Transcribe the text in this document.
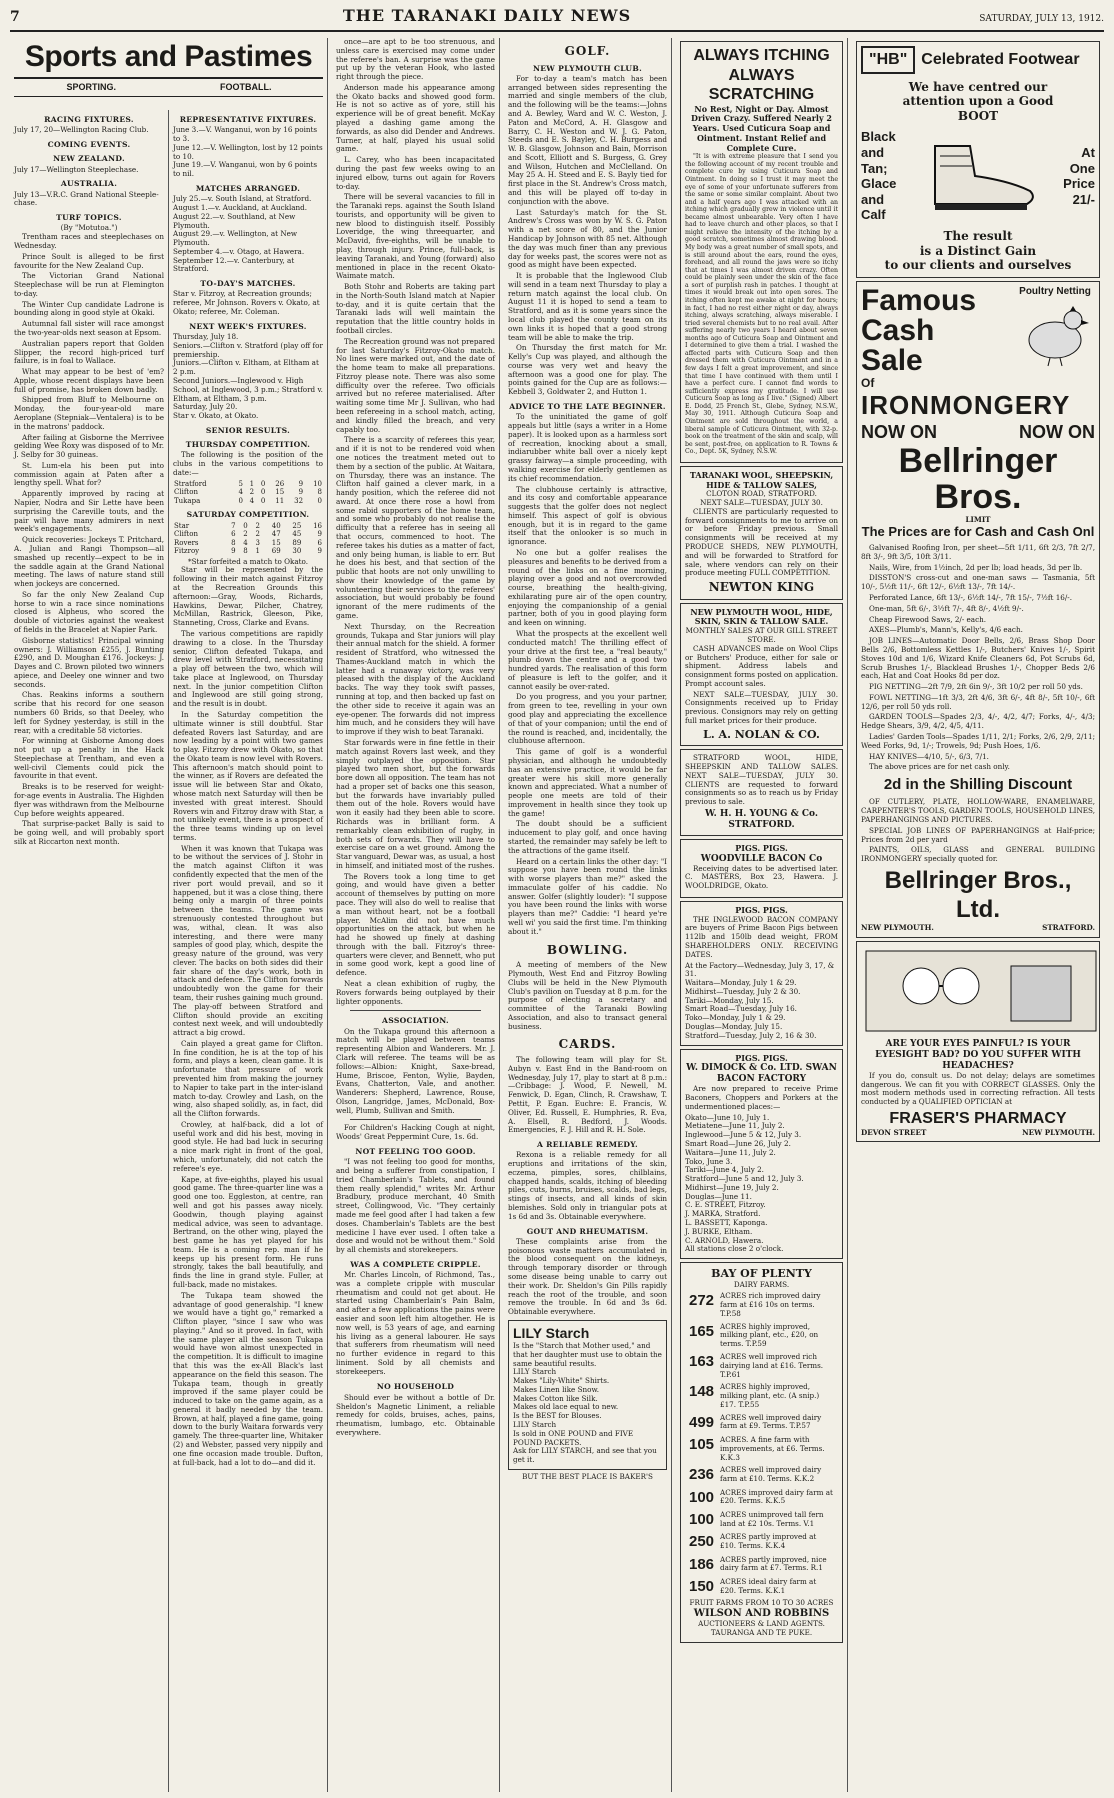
7	THE TARANAKI DAILY NEWS	SATURDAY, JULY 13, 1912.
Sports and Pastimes
SPORTING.	FOOTBALL.
RACING FIXTURES.
July 17, 20—Wellington Racing Club.
COMING EVENTS.
NEW ZEALAND.
July 17—Wellington Steeplechase.
AUSTRALIA.
July 13—V.R.C. Grand National Steeple-chase.
TURF TOPICS.
(By "Motutoa.")

Trentham races and steeplechases on Wednesday.

Prince Soult is alleged to be first favourite for the New Zealand Cup.

The Victorian Grand National Steeplechase will be run at Flemington to-day.

The Winter Cup candidate Ladrone is bounding along in good style at Okaki.

Autumnal fall sister will race amongst the two-year-olds next season at Epsom.

Australian papers report that Golden Slipper, the record high-priced turf failure, is in foal to Wallace.

What may appear to be best of 'em? Apple, whose recent displays have been full of promise, has broken down badly.

Shipped from Bluff to Melbourne on Monday, the four-year-old mare Aeroplane (Stepniak—Ventalera) is to be in the matrons' paddock.

After failing at Gisborne the Merrivee gelding Wee Roxy was disposed of to Mr. J. Selby for 30 guineas.

St. Lum-ela his been put into commission again at Paten after a lengthy spell. What for?

Apparently improved by racing at Napier, Nodra and Sir Lette have been surprising the Careville touts, and the pair will have many admirers in next week's engagements.

Quick recoveries: Jockeys T. Pritchard, A. Julian and Rangi Thompson—all smashed up recently—expect to be in the saddle again at the Grand National meeting. The laws of nature stand still when jockeys are concerned.

So far the only New Zealand Cup horse to win a race since nominations closed is Alpheus, who scored the double of victories against the weakest of fields in the Bracelet at Napier Park.

Gisborne statistics! Principal winning owners: J. Williamson £255, J. Bunting £290, and D. Moughan £176. Jockeys: J. Dayes and C. Brown piloted two winners apiece, and Deeley one winner and two seconds.

Chas. Reakins informs a southern scribe that his record for one season numbers 60 Brids, so that Deeley, who left for Sydney yesterday, is still in the rear, with a creditable 58 victories.

For winning at Gisborne Among does not put up a penalty in the Hack Steeplechase at Trentham, and even a well-civil Clements could pick the favourite in that event.

Breaks is to be reserved for weight-for-age events in Australia. The Highden flyer was withdrawn from the Melbourne Cup before weights appeared.

That surprise-packet Bally is said to be going well, and will probably sport silk at Riccarton next month.

REPRESENTATIVE FIXTURES.
June 3.—V. Wanganui, won by 16 points to 3.
June 12.—V. Wellington, lost by 12 points to 10.
June 19.—V. Wanganui, won by 6 points to nil.
MATCHES ARRANGED.
July 25.—v. South Island, at Stratford.
August 1.—v. Auckland, at Auckland.
August 22.—v. Southland, at New Plymouth.
August 29.—v. Wellington, at New Plymouth.
September 4.—v. Otago, at Hawera.
September 12.—v. Canterbury, at Stratford.
TO-DAY'S MATCHES.
Star v. Fitzroy, at Recreation grounds; referee, Mr Johnson. Rovers v. Okato, at Okato; referee, Mr. Coleman.
NEXT WEEK'S FIXTURES.
Thursday, July 18.
Seniors.—Clifton v. Stratford (play off for premiership.
Juniors.—Clifton v. Eltham, at Eltham at 2 p.m.
Second Juniors.—Inglewood v. High School, at Inglewood, 3 p.m.; Stratford v. Eltham, at Eltham, 3 p.m.
Saturday, July 20.
Star v. Okato, at Okato.
SENIOR RESULTS.
THURSDAY COMPETITION.

The following is the position of the clubs in the various competitions to date:—

Stratford	5	1	0	26	9	10
Clifton	4	2	0	15	9	8
Tukapa	0	4	0	11	32	0
SATURDAY COMPETITION.
Star	7	0	2	40	25	16
Clifton	6	2	2	47	45	9
Rovers	8	4	3	15	89	6
Fitzroy	9	8	1	69	30	9
*Star forfeited a match to Okato.

Star will be represented by the following in their match against Fitzroy at the Recreation Grounds this afternoon:—Gray, Woods, Richards, Hawkins, Dewar, Pilcher, Chatrey, McMillan, Rastrick, Gleeson, Pike, Stanneting, Cross, Clarke and Evans.

The various competitions are rapidly drawing to a close. In the Thursday senior, Clifton defeated Tukapa, and drew level with Stratford, necessitating a play off between the two, which will take place at Inglewood, on Thursday next. In the junior competition Clifton and Inglewood are still going strong, and the result is in doubt.

In the Saturday competition the ultimate winner is still doubtful. Star defeated Rovers last Saturday, and are now leading by a point with two games to play. Fitzroy drew with Okato, so that the Okato team is now level with Rovers. This afternoon's match should point to the winner, as if Rovers are defeated the issue will lie between Star and Okato, whose match next Saturday will then be invested with great interest. Should Rovers win and Fitzroy draw with Star, a not unlikely event, there is a prospect of the three teams winding up on level terms.

When it was known that Tukapa was to be without the services of J. Stohr in the match against Clifton it was confidently expected that the men of the river port would prevail, and so it happened, but it was a close thing, there being only a margin of three points between the teams. The game was strenuously contested throughout but was, withal, clean. It was also interesting, and there were many samples of good play, which, despite the greasy nature of the ground, was very clever. The backs on both sides did their fair share of the day's work, both in attack and defence. The Clifton forwards undoubtedly won the game for their team, their rushes gaining much ground. The play-off between Stratford and Clifton should provide an exciting contest next week, and will undoubtedly attract a big crowd.

Cain played a great game for Clifton. In fine condition, he is at the top of his form, and plays a keen, clean game. It is unfortunate that pressure of work prevented him from making the journey to Napier to take part in the inter-island match to-day. Crowley and Lash, on the wing, also shaped solidly, as, in fact, did all the Clifton forwards.

Crowley, at half-back, did a lot of useful work and did his best, moving in good style. He had bad luck in securing a nice mark right in front of the goal, which, unfortunately, did not catch the referee's eye.

Kape, at five-eighths, played his usual good game. The three-quarter line was a good one too. Eggleston, at centre, ran well and got his passes away nicely. Goodwin, though playing against medical advice, was seen to advantage. Bertrand, on the other wing, played the best game he has yet played for his team. He is a coming rep. man if he keeps up his present form. He runs strongly, takes the ball beautifully, and finds the line in grand style. Fuller, at full-back, made no mistakes.

The Tukapa team showed the advantage of good generalship. "I knew we would have a tight go," remarked a Clifton player, "since I saw who was playing." And so it proved. In fact, with the same player all the season Tukapa would have won almost unexpected in the competition. It is difficult to imagine that this was the ex-All Black's last appearance on the field this season. The Tukapa team, though in greatly improved if the same player could be induced to take on the game again, as a general it badly needed by the team. Brown, at half, played a fine game, going down to the burly Waitara forwards very gamely. The three-quarter line, Whitaker (2) and Webster, passed very nippily and one fine occasion made trouble. Dufton, at full-back, had a lot to do—and did it.

once—are apt to be too strenuous, and unless care is exercised may come under the referee's ban. A surprise was the game put up by the veteran Hook, who lasted right through the piece.

Anderson made his appearance among the Okato backs and showed good form. He is not so active as of yore, still his experience will be of great benefit. McKay played a dashing game among the forwards, as also did Dender and Andrews. Turner, at half, played his usual solid game.

L. Carey, who has been incapacitated during the past few weeks owing to an injured elbow, turns out again for Rovers to-day.

There will be several vacancies to fill in the Taranaki reps. against the South Island tourists, and opportunity will be given to new blood to distinguish itself. Possibly Loveridge, the wing threequarter, and McDavid, five-eighths, will be unable to play, through injury. Prince, full-back, is leaving Taranaki, and Young (forward) also mentioned in place in the recent Okato-Waimate match.

Both Stohr and Roberts are taking part in the North-South Island match at Napier to-day, and it is quite certain that the Taranaki lads will well maintain the reputation that the little country holds in football circles.

The Recreation ground was not prepared for last Saturday's Fitzroy-Okato match. No lines were marked out, and the date of the home team to make all preparations. Fitzroy please note. There was also some difficulty over the referee. Two officials arrived but no referee materialised. After waiting some time Mr J. Sullivan, who had been refereeing in a school match, acting, and kindly filled the breach, and very capably too.

There is a scarcity of referees this year, and if it is not to be rendered void when one notices the treatment meted out to them by a section of the public. At Waitara, on Thursday, there was an instance. The Clifton half gained a clever mark, in a handy position, which the referee did not award. At once there rose a howl from some rabid supporters of the home team, and some who probably do not realise the difficulty that a referee has in seeing all that occurs, commenced to hoot. The referee takes his duties as a matter of fact, and only being human, is liable to err. But he does his best, and that section of the public that hoots are not only unwilling to show their knowledge of the game by volunteering their services to the referees' association, but would probably be found ignorant of the mere rudiments of the game.

Next Thursday, on the Recreation grounds, Tukapa and Star juniors will play their annual match for the shield. A former resident of Stratford, who witnessed the Thames-Auckland match in which the latter had a runaway victory, was very pleased with the display of the Auckland backs. The way they took swift passes, running at top, and then backed up fast on the other side to receive it again was an eye-opener. The forwards did not impress him much, and he considers they will have to improve if they wish to beat Taranaki.

Star forwards were in fine fettle in their match against Rovers last week, and they simply outplayed the opposition. Star played two men short, but the forwards bore down all opposition. The team has not had a proper set of backs one this season, but the forwards have invariably pulled them out of the hole. Rovers would have won it easily had they been able to score. Richards was in brilliant form. A remarkably clean exhibition of rugby, in both sets of forwards. They will have to exercise care on a wet ground. Among the Star vanguard, Dewar was, as usual, a host in himself, and initiated most of the rushes.

The Rovers took a long time to get going, and would have given a better account of themselves by putting on more pace. They will also do well to realise that a man without heart, not be a football player. McAlim did not have much opportunities on the attack, but when he had he showed up finely at dashing through with the ball. Fitzroy's three-quarters were clever, and Bennett, who put in some good work, kept a good line of defence.

Neat a clean exhibition of rugby, the Rovers forwards being outplayed by their lighter opponents.

ASSOCIATION.

On the Tukapa ground this afternoon a match will be played between teams representing Albion and Wanderers. Mr. J. Clark will referee. The teams will be as follows:—Albion: Knight, Saxe-bread, Hume, Briscoe, Fenton, Wylie, Bayden, Evans, Chatterton, Vale, and another. Wanderers: Shepherd, Lawrence, Rouse, Olson, Langridge, James, McDonald, Box-well, Plumb, Sullivan and Smith.

For Children's Hacking Cough at night, Woods' Great Peppermint Cure, 1s. 6d.

NOT FEELING TOO GOOD.

"I was not feeling too good for months, and being a sufferer from constipation, I tried Chamberlain's Tablets, and found them really splendid," writes Mr. Arthur Bradbury, produce merchant, 40 Smith street, Collingwood, Vic. "They certainly made me feel good after I had taken a few doses. Chamberlain's Tablets are the best medicine I have ever used. I often take a dose and would not be without them." Sold by all chemists and storekeepers.

WAS A COMPLETE CRIPPLE.

Mr. Charles Lincoln, of Richmond, Tas., was a complete cripple with muscular rheumatism and could not get about. He started using Chamberlain's Pain Balm, and after a few applications the pains were easier and soon left him altogether. He is now well, is 53 years of age, and earning his living as a general labourer. He says that sufferers from rheumatism will need no further evidence in regard to this liniment. Sold by all chemists and storekeepers.

NO HOUSEHOLD

Should ever be without a bottle of Dr. Sheldon's Magnetic Liniment, a reliable remedy for colds, bruises, aches, pains, rheumatism, lumbago, etc. Obtainable everywhere.

GOLF.
NEW PLYMOUTH CLUB.

For to-day a team's match has been arranged between sides representing the married and single members of the club, and the following will be the teams:—Johns and A. Bewley, Ward and W. C. Weston, J. Paton and McCord, A. H. Glasgow and Barry, C. H. Weston and W. J. G. Paton, Steeds and E. S. Bayley, C. H. Burgess and W. B. Glasgow, Johnson and Bain, Morrison and Scott, Elliott and S. Burgess, G. Grey and Wilson, Hutchen and McClelland. On May 25 A. H. Steed and E. S. Bayly tied for first place in the St. Andrew's Cross match, and this will be played off to-day in conjunction with the above.

Last Saturday's match for the St. Andrew's Cross was won by W. S. G. Paton with a net score of 80, and the Junior Handicap by Johnson with 85 net. Although the day was much finer than any previous day for weeks past, the scores were not as good as might have been expected.

It is probable that the Inglewood Club will send in a team next Thursday to play a return match against the local club. On August 11 it is hoped to send a team to Stratford, and as it is some years since the local club played the county team on its own links it is hoped that a good strong team will be able to make the trip.

On Thursday the first match for Mr. Kelly's Cup was played, and although the course was very wet and heavy the afternoon was a good one for play. The points gained for the Cup are as follows:—Kebbell 3, Goldwater 2, and Hutton 1.

ADVICE TO THE LATE BEGINNER.

To the uninitiated the game of golf appeals but little (says a writer in a Home paper). It is looked upon as a harmless sort of recreation, knocking about a small, indiarubber white ball over a nicely kept grassy fairway—a simple proceeding, with walking exercise for elderly gentlemen as its chief recommendation.

The clubhouse certainly is attractive, and its cosy and comfortable appearance suggests that the golfer does not neglect himself. This aspect of golf is obvious enough, but it is in regard to the game itself that the onlooker is so much in ignorance.

No one but a golfer realises the pleasures and benefits to be derived from a round of the links on a fine morning, playing over a good and not overcrowded course, breathing the health-giving, exhilarating pure air of the open country, enjoying the companionship of a genial partner, both of you in good playing form and keen on winning.

What the prospects at the excellent well conducted match! The thrilling effect of your drive at the first tee, a "real beauty," plumb down the centre and a good two hundred yards. The realisation of this form of pleasure is left to the golfer, and it cannot easily be over-rated.

Do you progress, and you your partner, from green to tee, revelling in your own good play and appreciating the excellence of that of your companion; until the end of the round is reached, and, incidentally, the clubhouse afternoon.

This game of golf is a wonderful physician, and although he undoubtedly has an extensive practice, it would be far greater were his skill more generally known and appreciated. What a number of people one meets are told of their improvement in health since they took up the game!

The doubt should be a sufficient inducement to play golf, and once having started, the remainder may safely be left to the attractions of the game itself.

Heard on a certain links the other day: "I suppose you have been round the links with worse players than me?" asked the immaculate golfer of his caddie. No answer. Golfer (slightly louder): "I suppose you have been round the links with worse players than me?" Caddie: "I heard ye're well wi' you said the first time. I'm thinking about it."

BOWLING.

A meeting of members of the New Plymouth, West End and Fitzroy Bowling Clubs will be held in the New Plymouth Club's pavilion on Tuesday at 8 p.m. for the purpose of electing a secretary and committee of the Taranaki Bowling Association, and also to transact general business.

CARDS.

The following team will play for St. Aubyn v. East End in the Band-room on Wednesday, July 17, play to start at 8 p.m.:—Cribbage: J. Wood, F. Newell, M. Fenwick, D. Egan, Clinch, R. Crawshaw, T. Pettit, P. Egan. Euchre: E. Francis, W. Oliver, Ed. Russell, E. Humphries, R. Eva, A. Elsell, R. Bedford, J. Woods. Emergencies, F. J. Hill and R. H. Sole.

A RELIABLE REMEDY.

Rexona is a reliable remedy for all eruptions and irritations of the skin, eczema, pimples, sores, chilblains, chapped hands, scalds, itching of bleeding piles, cuts, burns, bruises, scalds, bad legs, stings of insects, and all kinds of skin blemishes. Sold only in triangular pots at 1s 6d and 3s. Obtainable everywhere.

GOUT AND RHEUMATISM.

These complaints arise from the poisonous waste matters accumulated in the blood consequent on the kidneys, through temporary disorder or through some disease being unable to carry out their work. Dr. Sheldon's Gin Pills rapidly reach the root of the trouble, and soon remove the trouble. In 6d and 3s 6d. Obtainable everywhere.

LILY Starch
Is the "Starch that Mother used," and that her daughter must use to obtain the same beautiful results.
LILY Starch
Makes "Lily-White" Shirts.
Makes Linen like Snow.
Makes Cotton like Silk.
Makes old lace equal to new.
Is the BEST for Blouses.
LILY Starch
Is sold in ONE POUND and FIVE POUND PACKETS.
Ask for LILY STARCH, and see that you get it.
BUT THE BEST PLACE IS BAKER'S
ALWAYS ITCHING
ALWAYS SCRATCHING
No Rest, Night or Day. Almost Driven Crazy. Suffered Nearly 2 Years. Used Cuticura Soap and Ointment. Instant Relief and Complete Cure.

"It is with extreme pleasure that I send you the following account of my recent trouble and complete cure by using Cuticura Soap and Ointment. In doing so I trust it may meet the eye of some of your unfortunate sufferers from the same or some similar complaint. About two and a half years ago I was attacked with an itching which gradually grew in violence until it became almost unbearable. Very often I have had to leave church and other places, so that I might relieve the intensity of the itching by a good scratch, sometimes almost drawing blood. My body was a great number of small spots, and is still around about the ears, round the eyes, forehead, and all round the jaws were so itchy that at times I was almost driven crazy. Often could be plainly seen under the skin of the face a sort of purplish rash in patches. I thought at times it would break out into open sores. The itching often kept me awake at night for hours; in fact, I had no rest either night or day, always itching, always scratching, always miserable. I tried several chemists but to no real avail. After suffering nearly two years I heard about seven months ago of Cuticura Soap and Ointment and I determined to give them a trial. I washed the affected parts with Cuticura Soap and then dressed them with Cuticura Ointment and in a few days I felt a great improvement, and since that time I have continued with them until I have a perfect cure. I cannot find words to sufficiently express my gratitude. I will use Cuticura Soap as long as I live." (Signed) Albert E. Dodd, 25 French St., Glebe, Sydney, N.S.W., May 30, 1911. Although Cuticura Soap and Ointment are sold throughout the world, a liberal sample of Cuticura Ointment, with 32-p. book on the treatment of the skin and scalp, will be sent, post-free, on application to R. Towns & Co., Dept. 5K, Sydney, N.S.W.

TARANAKI WOOL, SHEEPSKIN, HIDE & TALLOW SALES,
CLOTON ROAD, STRATFORD.
NEXT SALE—TUESDAY, JULY 30.

CLIENTS are particularly requested to forward consignments to me to arrive on or before Friday previous. Small consignments will be received at my PRODUCE SHEDS, NEW PLYMOUTH, and will be forwarded to Stratford for sale, where vendors can rely on their produce meeting FULL COMPETITION.

NEWTON KING
NEW PLYMOUTH WOOL, HIDE, SKIN, SKIN & TALLOW SALE.
MONTHLY SALES AT OUR GILL STREET STORE.

CASH ADVANCES made on Wool Clips or Butchers' Produce, either for sale or shipment. Address labels and consignment forms posted on application. Prompt account sales.

NEXT SALE—TUESDAY, JULY 30. Consignments received up to Friday previous. Consignors may rely on getting full market prices for their produce.

L. A. NOLAN & CO.

STRATFORD WOOL, HIDE, SHEEPSKIN AND TALLOW SALES. NEXT SALE—TUESDAY, JULY 30. CLIENTS are requested to forward consignments so as to reach us by Friday previous to sale.

W. H. H. YOUNG & Co. STRATFORD.
PIGS. PIGS.
WOODVILLE BACON Co

Receiving dates to be advertised later. C. MASTERS, Box 23, Hawera. J. WOOLDRIDGE, Okato.

PIGS. PIGS.

THE INGLEWOOD BACON COMPANY are buyers of Prime Bacon Pigs between 112lb and 150lb dead weight, FROM SHAREHOLDERS ONLY. RECEIVING DATES.

At the Factory—Wednesday, July 3, 17, & 31.
Waitara—Monday, July 1 & 29.
Midhirst—Tuesday, July 2 & 30.
Tariki—Monday, July 15.
Smart Road—Tuesday, July 16.
Toko—Monday, July 1 & 29.
Douglas—Monday, July 15.
Stratford—Tuesday, July 2, 16 & 30.
PIGS. PIGS.
W. DIMOCK & Co. LTD. SWAN BACON FACTORY

Are now prepared to receive Prime Baconers, Choppers and Porkers at the undermentioned places:—

Okato—June 10, July 1.
Metiatene—June 11, July 2.
Inglewood—June 5 & 12, July 3.
Smart Road—June 26, July 2.
Waitara—June 11, July 2.
Toko, June 3.
Tariki—June 4, July 2.
Stratford—June 5 and 12, July 3.
Midhirst—June 19, July 2.
Douglas—June 11.
C. E. STREET, Fitzroy.
J. MARKA, Stratford.
L. BASSETT, Kaponga.
J. BURKE, Eltham.
C. ARNOLD, Hawera.
All stations close 2 o'clock.
BAY OF PLENTY
DAIRY FARMS.
272	ACRES rich improved dairy farm at £16 10s on terms. T.P.58
165	ACRES highly improved, milking plant, etc., £20, on terms. T.P.59
163	ACRES well improved rich dairying land at £16. Terms. T.P.61
148	ACRES highly improved, milking plant, etc. (A snip.) £17. T.P.55
499	ACRES well improved dairy farm at £9. Terms. T.P.57
105	ACRES. A fine farm with improvements, at £6. Terms. K.K.3
236	ACRES well improved dairy farm at £10. Terms. K.K.2
100	ACRES improved dairy farm at £20. Terms. K.K.5
100	ACRES unimproved tall fern land at £2 10s. Terms. V.1
250	ACRES partly improved at £10. Terms. K.K.4
186	ACRES partly improved, nice dairy farm at £7. Terms. R.1
150	ACRES ideal dairy farm at £20. Terms. K.K.1
FRUIT FARMS FROM 10 TO 30 ACRES
WILSON AND ROBBINS
AUCTIONEERS & LAND AGENTS. TAURANGA AND TE PUKE.
"HB" Celebrated Footwear
We have centred our attention upon a Good BOOT
Black
and
Tan;
Glace
and
Calf
At
One
Price
21/-
The result
is a Distinct Gain
to our clients and ourselves
Famous
Cash
Sale
Of
Poultry Netting
IRONMONGERY
NOW ON	NOW ON
Bellringer Bros.
LIMIT
The Prices are for Cash and Cash Onl

Galvanised Roofing Iron, per sheet—5ft 1/11, 6ft 2/3, 7ft 2/7, 8ft 3/-, 9ft 3/5, 10ft 3/11.

Nails, Wire, from 1½inch, 2d per lb; load heads, 3d per lb.

DISSTON'S cross-cut and one-man saws — Tasmania, 5ft 10/-, 5½ft 11/-, 6ft 12/-, 6½ft 13/-, 7ft 14/-.

Perforated Lance, 6ft 13/-, 6½ft 14/-, 7ft 15/-, 7½ft 16/-.

One-man, 5ft 6/-, 3½ft 7/-, 4ft 8/-, 4½ft 9/-.

Cheap Firewood Saws, 2/- each.

AXES—Plumb's, Mann's, Kelly's, 4/6 each.

JOB LINES—Automatic Door Bells, 2/6, Brass Shop Door Bells 2/6, Bottomless Kettles 1/-, Butchers' Knives 1/-, Spirit Stoves 10d and 1/6, Wizard Knife Cleaners 6d, Pot Scrubs 6d, Scrub Brushes 1/-, Blacklead Brushes 1/-, Chopper Beds 2/6 each, Hat and Coat Hooks 8d per doz.

PIG NETTING—2ft 7/9, 2ft 6in 9/-, 3ft 10/2 per roll 50 yds.

FOWL NETTING—1ft 3/3, 2ft 4/6, 3ft 6/-, 4ft 8/-, 5ft 10/-, 6ft 12/6, per roll 50 yds roll.

GARDEN TOOLS—Spades 2/3, 4/-, 4/2, 4/7; Forks, 4/-, 4/3; Hedge Shears, 3/9, 4/2, 4/5, 4/11.

Ladies' Garden Tools—Spades 1/11, 2/1; Forks, 2/6, 2/9, 2/11; Weed Forks, 9d, 1/-; Trowels, 9d; Push Hoes, 1/6.

HAY KNIVES—4/10, 5/-, 6/3, 7/1.

The above prices are for net cash only.

2d in the Shilling Discount

OF CUTLERY, PLATE, HOLLOW-WARE, ENAMELWARE, CARPENTER'S TOOLS, GARDEN TOOLS, HOUSEHOLD LINES, PAPERHANGINGS AND PICTURES.

SPECIAL JOB LINES OF PAPERHANGINGS at Half-price; Prices from 2d per yard

PAINTS, OILS, GLASS and GENERAL BUILDING IRONMONGERY specially quoted for.

Bellringer Bros., Ltd.
NEW PLYMOUTH.	STRATFORD.
ARE YOUR EYES PAINFUL? IS YOUR EYESIGHT BAD? DO YOU SUFFER WITH HEADACHES?

If you do, consult us. Do not delay; delays are sometimes dangerous. We can fit you with CORRECT GLASSES. Only the most modern methods used in correcting refraction. All tests conducted by a QUALIFIED OPTICIAN at

FRASER'S PHARMACY
DEVON STREET	NEW PLYMOUTH.
